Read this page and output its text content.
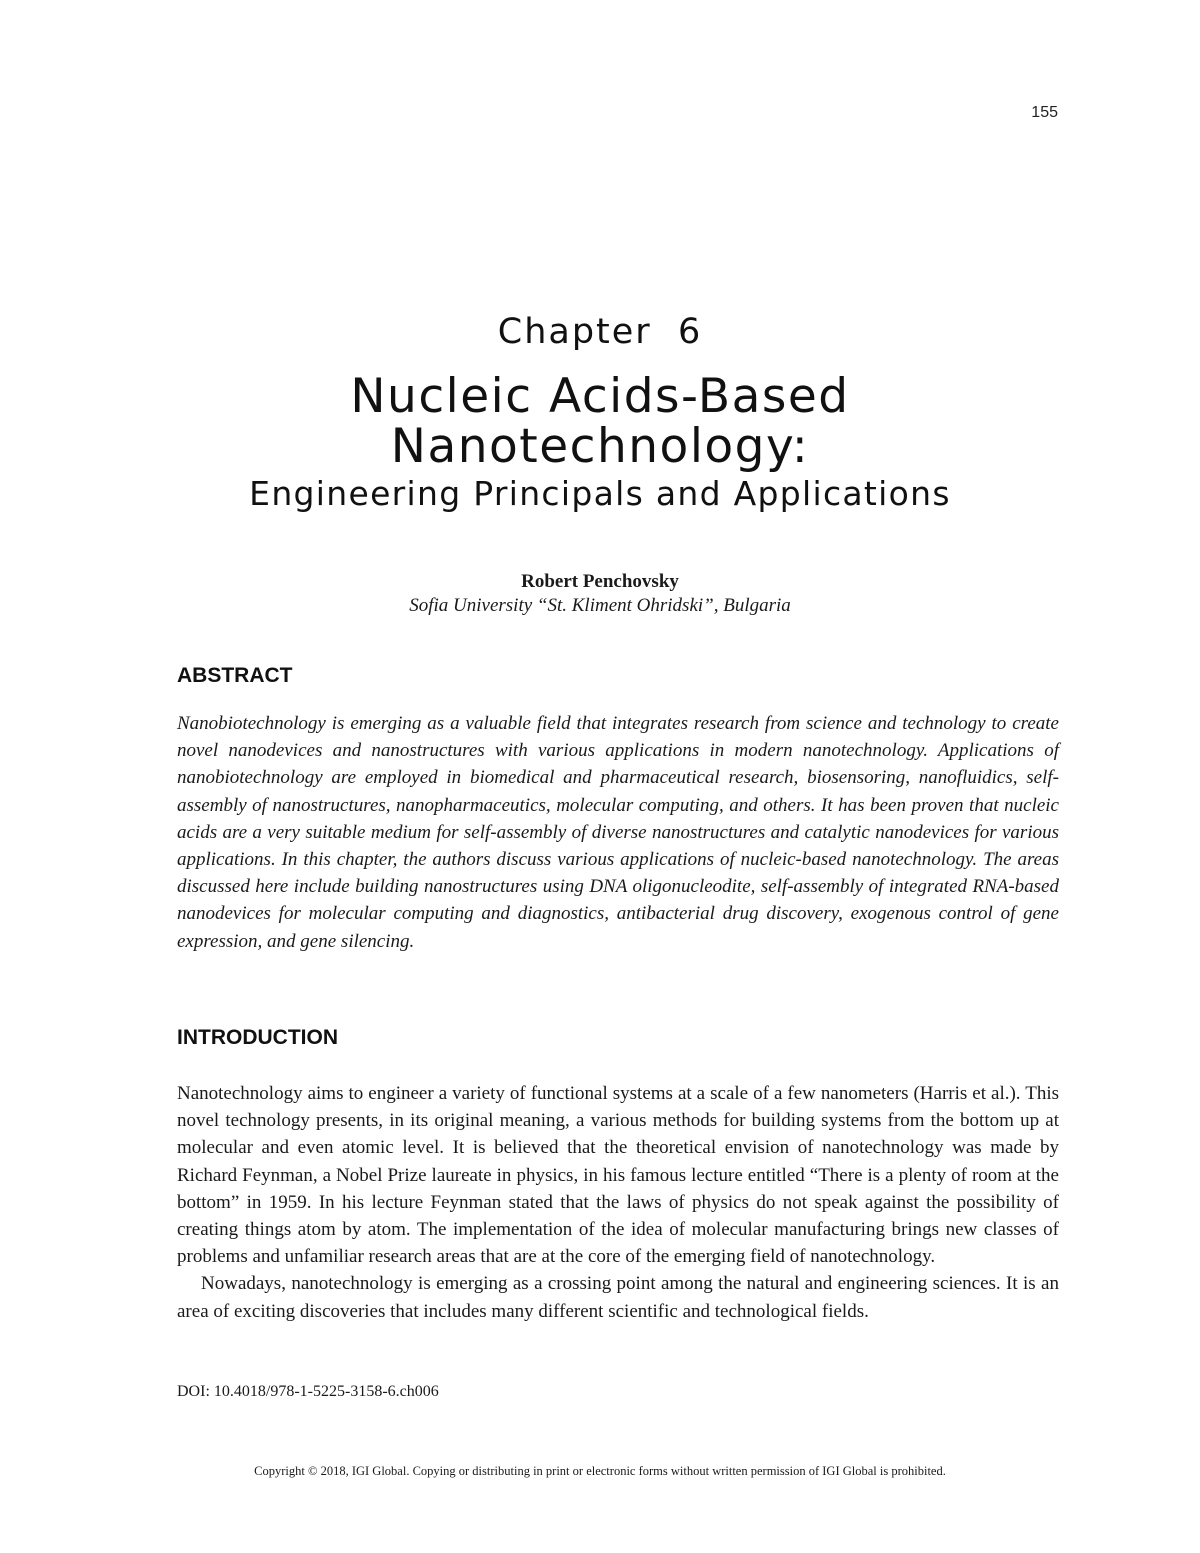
155
Chapter  6
Nucleic Acids-Based
Nanotechnology:
Engineering Principals and Applications
Robert Penchovsky
Sofia University “St. Kliment Ohridski”, Bulgaria
ABSTRACT
Nanobiotechnology is emerging as a valuable field that integrates research from science and technology to create novel nanodevices and nanostructures with various applications in modern nanotechnology. Applications of nanobiotechnology are employed in biomedical and pharmaceutical research, biosensoring, nanofluidics, self-assembly of nanostructures, nanopharmaceutics, molecular computing, and others. It has been proven that nucleic acids are a very suitable medium for self-assembly of diverse nanostructures and catalytic nanodevices for various applications. In this chapter, the authors discuss various applications of nucleic-based nanotechnology. The areas discussed here include building nanostructures using DNA oligonucleodite, self-assembly of integrated RNA-based nanodevices for molecular computing and diagnostics, antibacterial drug discovery, exogenous control of gene expression, and gene silencing.
INTRODUCTION

Nanotechnology aims to engineer a variety of functional systems at a scale of a few nanometers (Harris et al.). This novel technology presents, in its original meaning, a various methods for building systems from the bottom up at molecular and even atomic level. It is believed that the theoretical envision of nanotechnology was made by Richard Feynman, a Nobel Prize laureate in physics, in his famous lecture entitled “There is a plenty of room at the bottom” in 1959. In his lecture Feynman stated that the laws of physics do not speak against the possibility of creating things atom by atom. The implementation of the idea of molecular manufacturing brings new classes of problems and unfamiliar research areas that are at the core of the emerging field of nanotechnology.

Nowadays, nanotechnology is emerging as a crossing point among the natural and engineering sciences. It is an area of exciting discoveries that includes many different scientific and technological fields.

DOI: 10.4018/978-1-5225-3158-6.ch006
Copyright © 2018, IGI Global. Copying or distributing in print or electronic forms without written permission of IGI Global is prohibited.
